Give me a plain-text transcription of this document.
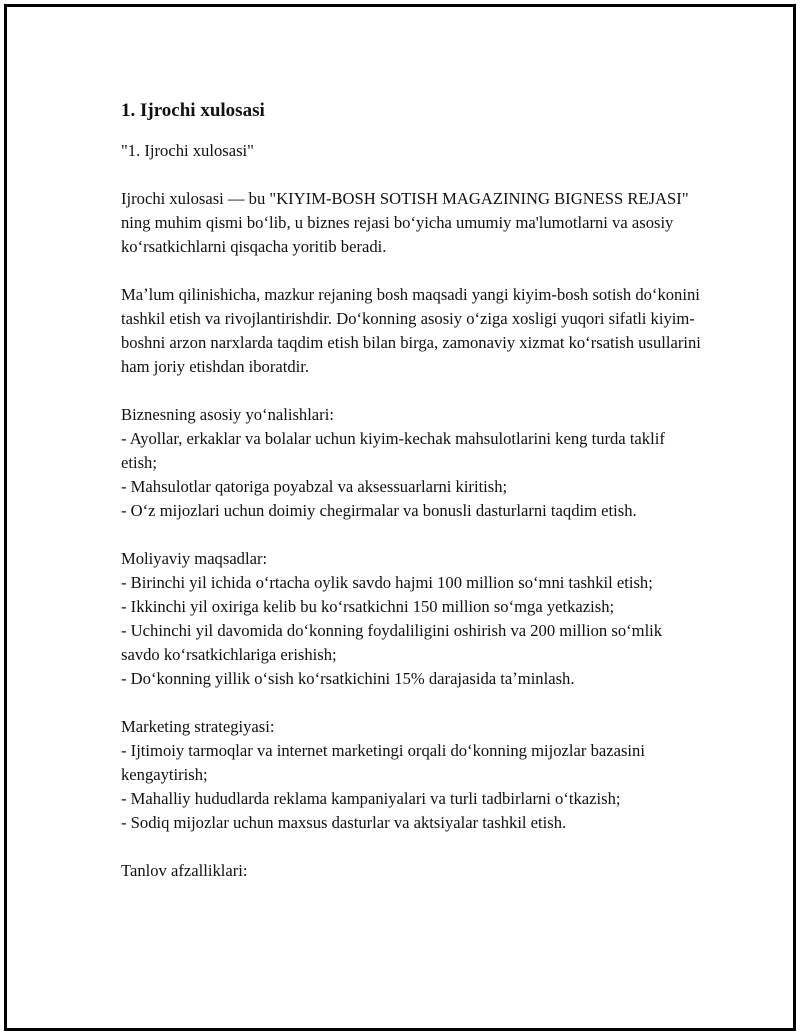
1. Ijrochi xulosasi

"1. Ijrochi xulosasi"

Ijrochi xulosasi — bu "KIYIM-BOSH SOTISH MAGAZINING BIGNESS REJASI" ning muhim qismi boʻlib, u biznes rejasi boʻyicha umumiy ma'lumotlarni va asosiy koʻrsatkichlarni qisqacha yoritib beradi.

Maʼlum qilinishicha, mazkur rejaning bosh maqsadi yangi kiyim-bosh sotish doʻkonini tashkil etish va rivojlantirishdir. Doʻkonning asosiy oʻziga xosligi yuqori sifatli kiyim-boshni arzon narxlarda taqdim etish bilan birga, zamonaviy xizmat koʻrsatish usullarini ham joriy etishdan iboratdir.

Biznesning asosiy yoʻnalishlari:
- Ayollar, erkaklar va bolalar uchun kiyim-kechak mahsulotlarini keng turda taklif etish;
- Mahsulotlar qatoriga poyabzal va aksessuarlarni kiritish;
- Oʻz mijozlari uchun doimiy chegirmalar va bonusli dasturlarni taqdim etish.
Moliyaviy maqsadlar:
- Birinchi yil ichida oʻrtacha oylik savdo hajmi 100 million soʻmni tashkil etish;
- Ikkinchi yil oxiriga kelib bu koʻrsatkichni 150 million soʻmga yetkazish;
- Uchinchi yil davomida doʻkonning foydaliligini oshirish va 200 million soʻmlik savdo koʻrsatkichlariga erishish;
- Doʻkonning yillik oʻsish koʻrsatkichini 15% darajasida taʼminlash.
Marketing strategiyasi:
- Ijtimoiy tarmoqlar va internet marketingi orqali doʻkonning mijozlar bazasini kengaytirish;
- Mahalliy hududlarda reklama kampaniyalari va turli tadbirlarni oʻtkazish;
- Sodiq mijozlar uchun maxsus dasturlar va aktsiyalar tashkil etish.
Tanlov afzalliklari:
